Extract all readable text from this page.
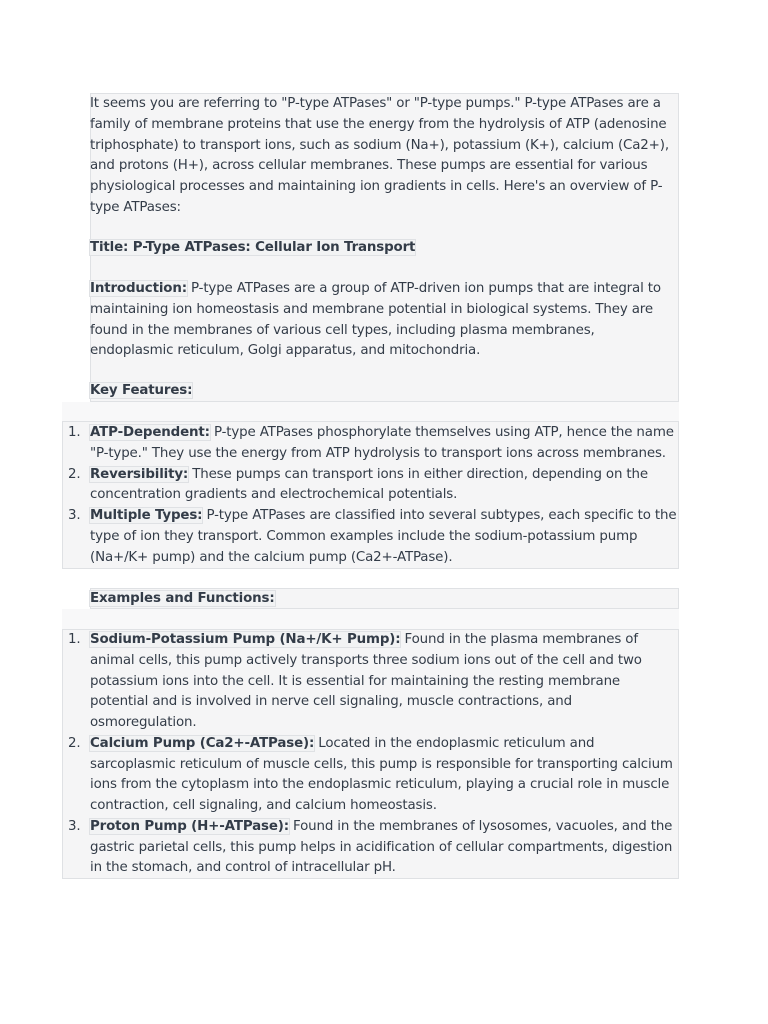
It seems you are referring to "P-type ATPases" or "P-type pumps." P-type ATPases are a family of membrane proteins that use the energy from the hydrolysis of ATP (adenosine triphosphate) to transport ions, such as sodium (Na+), potassium (K+), calcium (Ca2+), and protons (H+), across cellular membranes. These pumps are essential for various physiological processes and maintaining ion gradients in cells. Here's an overview of P-type ATPases:

Title: P-Type ATPases: Cellular Ion Transport

Introduction: P-type ATPases are a group of ATP-driven ion pumps that are integral to maintaining ion homeostasis and membrane potential in biological systems. They are found in the membranes of various cell types, including plasma membranes, endoplasmic reticulum, Golgi apparatus, and mitochondria.

Key Features:

1. ATP-Dependent: P-type ATPases phosphorylate themselves using ATP, hence the name "P-type." They use the energy from ATP hydrolysis to transport ions across membranes.
2. Reversibility: These pumps can transport ions in either direction, depending on the concentration gradients and electrochemical potentials.
3. Multiple Types: P-type ATPases are classified into several subtypes, each specific to the type of ion they transport. Common examples include the sodium-potassium pump (Na+/K+ pump) and the calcium pump (Ca2+-ATPase).

Examples and Functions:

1. Sodium-Potassium Pump (Na+/K+ Pump): Found in the plasma membranes of animal cells, this pump actively transports three sodium ions out of the cell and two potassium ions into the cell. It is essential for maintaining the resting membrane potential and is involved in nerve cell signaling, muscle contractions, and osmoregulation.
2. Calcium Pump (Ca2+-ATPase): Located in the endoplasmic reticulum and sarcoplasmic reticulum of muscle cells, this pump is responsible for transporting calcium ions from the cytoplasm into the endoplasmic reticulum, playing a crucial role in muscle contraction, cell signaling, and calcium homeostasis.
3. Proton Pump (H+-ATPase): Found in the membranes of lysosomes, vacuoles, and the gastric parietal cells, this pump helps in acidification of cellular compartments, digestion in the stomach, and control of intracellular pH.
